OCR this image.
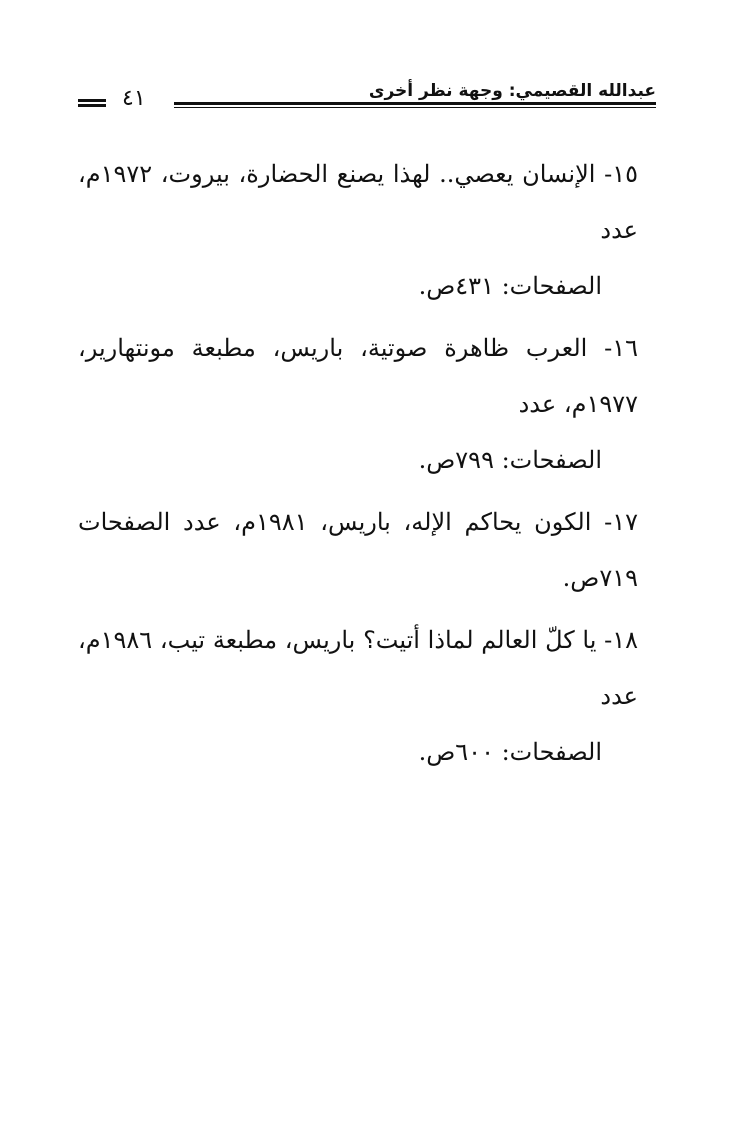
عبدالله القصيمي: وجهة نظر أخرى
٤١
١٥- الإنسان يعصي.. لهذا يصنع الحضارة، بيروت، ١٩٧٢م، عدد
الصفحات: ٤٣١ص.
١٦- العرب ظاهرة صوتية، باريس، مطبعة مونتهارير، ١٩٧٧م، عدد
الصفحات: ٧٩٩ص.
١٧- الكون يحاكم الإله، باريس، ١٩٨١م، عدد الصفحات ٧١٩ص.
١٨- يا كلّ العالم لماذا أتيت؟ باريس، مطبعة تيب، ١٩٨٦م، عدد
الصفحات: ٦٠٠ص.
